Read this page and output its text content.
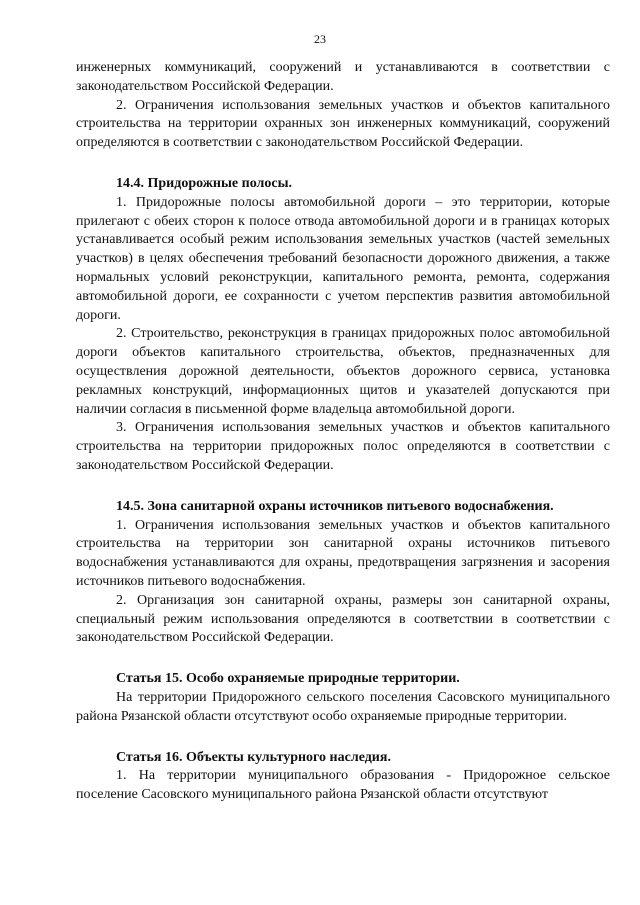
23

инженерных коммуникаций, сооружений и устанавливаются в соответствии с законодательством Российской Федерации.

2. Ограничения использования земельных участков и объектов капитального строительства на территории охранных зон инженерных коммуникаций, сооружений определяются в соответствии с законодательством Российской Федерации.

14.4. Придорожные полосы.

1. Придорожные полосы автомобильной дороги – это территории, которые прилегают с обеих сторон к полосе отвода автомобильной дороги и в границах которых устанавливается особый режим использования земельных участков (частей земельных участков) в целях обеспечения требований безопасности дорожного движения, а также нормальных условий реконструкции, капитального ремонта, ремонта, содержания автомобильной дороги, ее сохранности с учетом перспектив развития автомобильной дороги.

2. Строительство, реконструкция в границах придорожных полос автомобильной дороги объектов капитального строительства, объектов, предназначенных для осуществления дорожной деятельности, объектов дорожного сервиса, установка рекламных конструкций, информационных щитов и указателей допускаются при наличии согласия в письменной форме владельца автомобильной дороги.

3. Ограничения использования земельных участков и объектов капитального строительства на территории придорожных полос определяются в соответствии с законодательством Российской Федерации.

14.5. Зона санитарной охраны источников питьевого водоснабжения.

1. Ограничения использования земельных участков и объектов капитального строительства на территории зон санитарной охраны источников питьевого водоснабжения устанавливаются для охраны, предотвращения загрязнения и засорения источников питьевого водоснабжения.

2. Организация зон санитарной охраны, размеры зон санитарной охраны, специальный режим использования определяются в соответствии в соответствии с законодательством Российской Федерации.

Статья 15. Особо охраняемые природные территории.

На территории Придорожного сельского поселения Сасовского муниципального района Рязанской области отсутствуют особо охраняемые природные территории.

Статья 16. Объекты культурного наследия.

1. На территории муниципального образования - Придорожное сельское поселение Сасовского муниципального района Рязанской области отсутствуют
